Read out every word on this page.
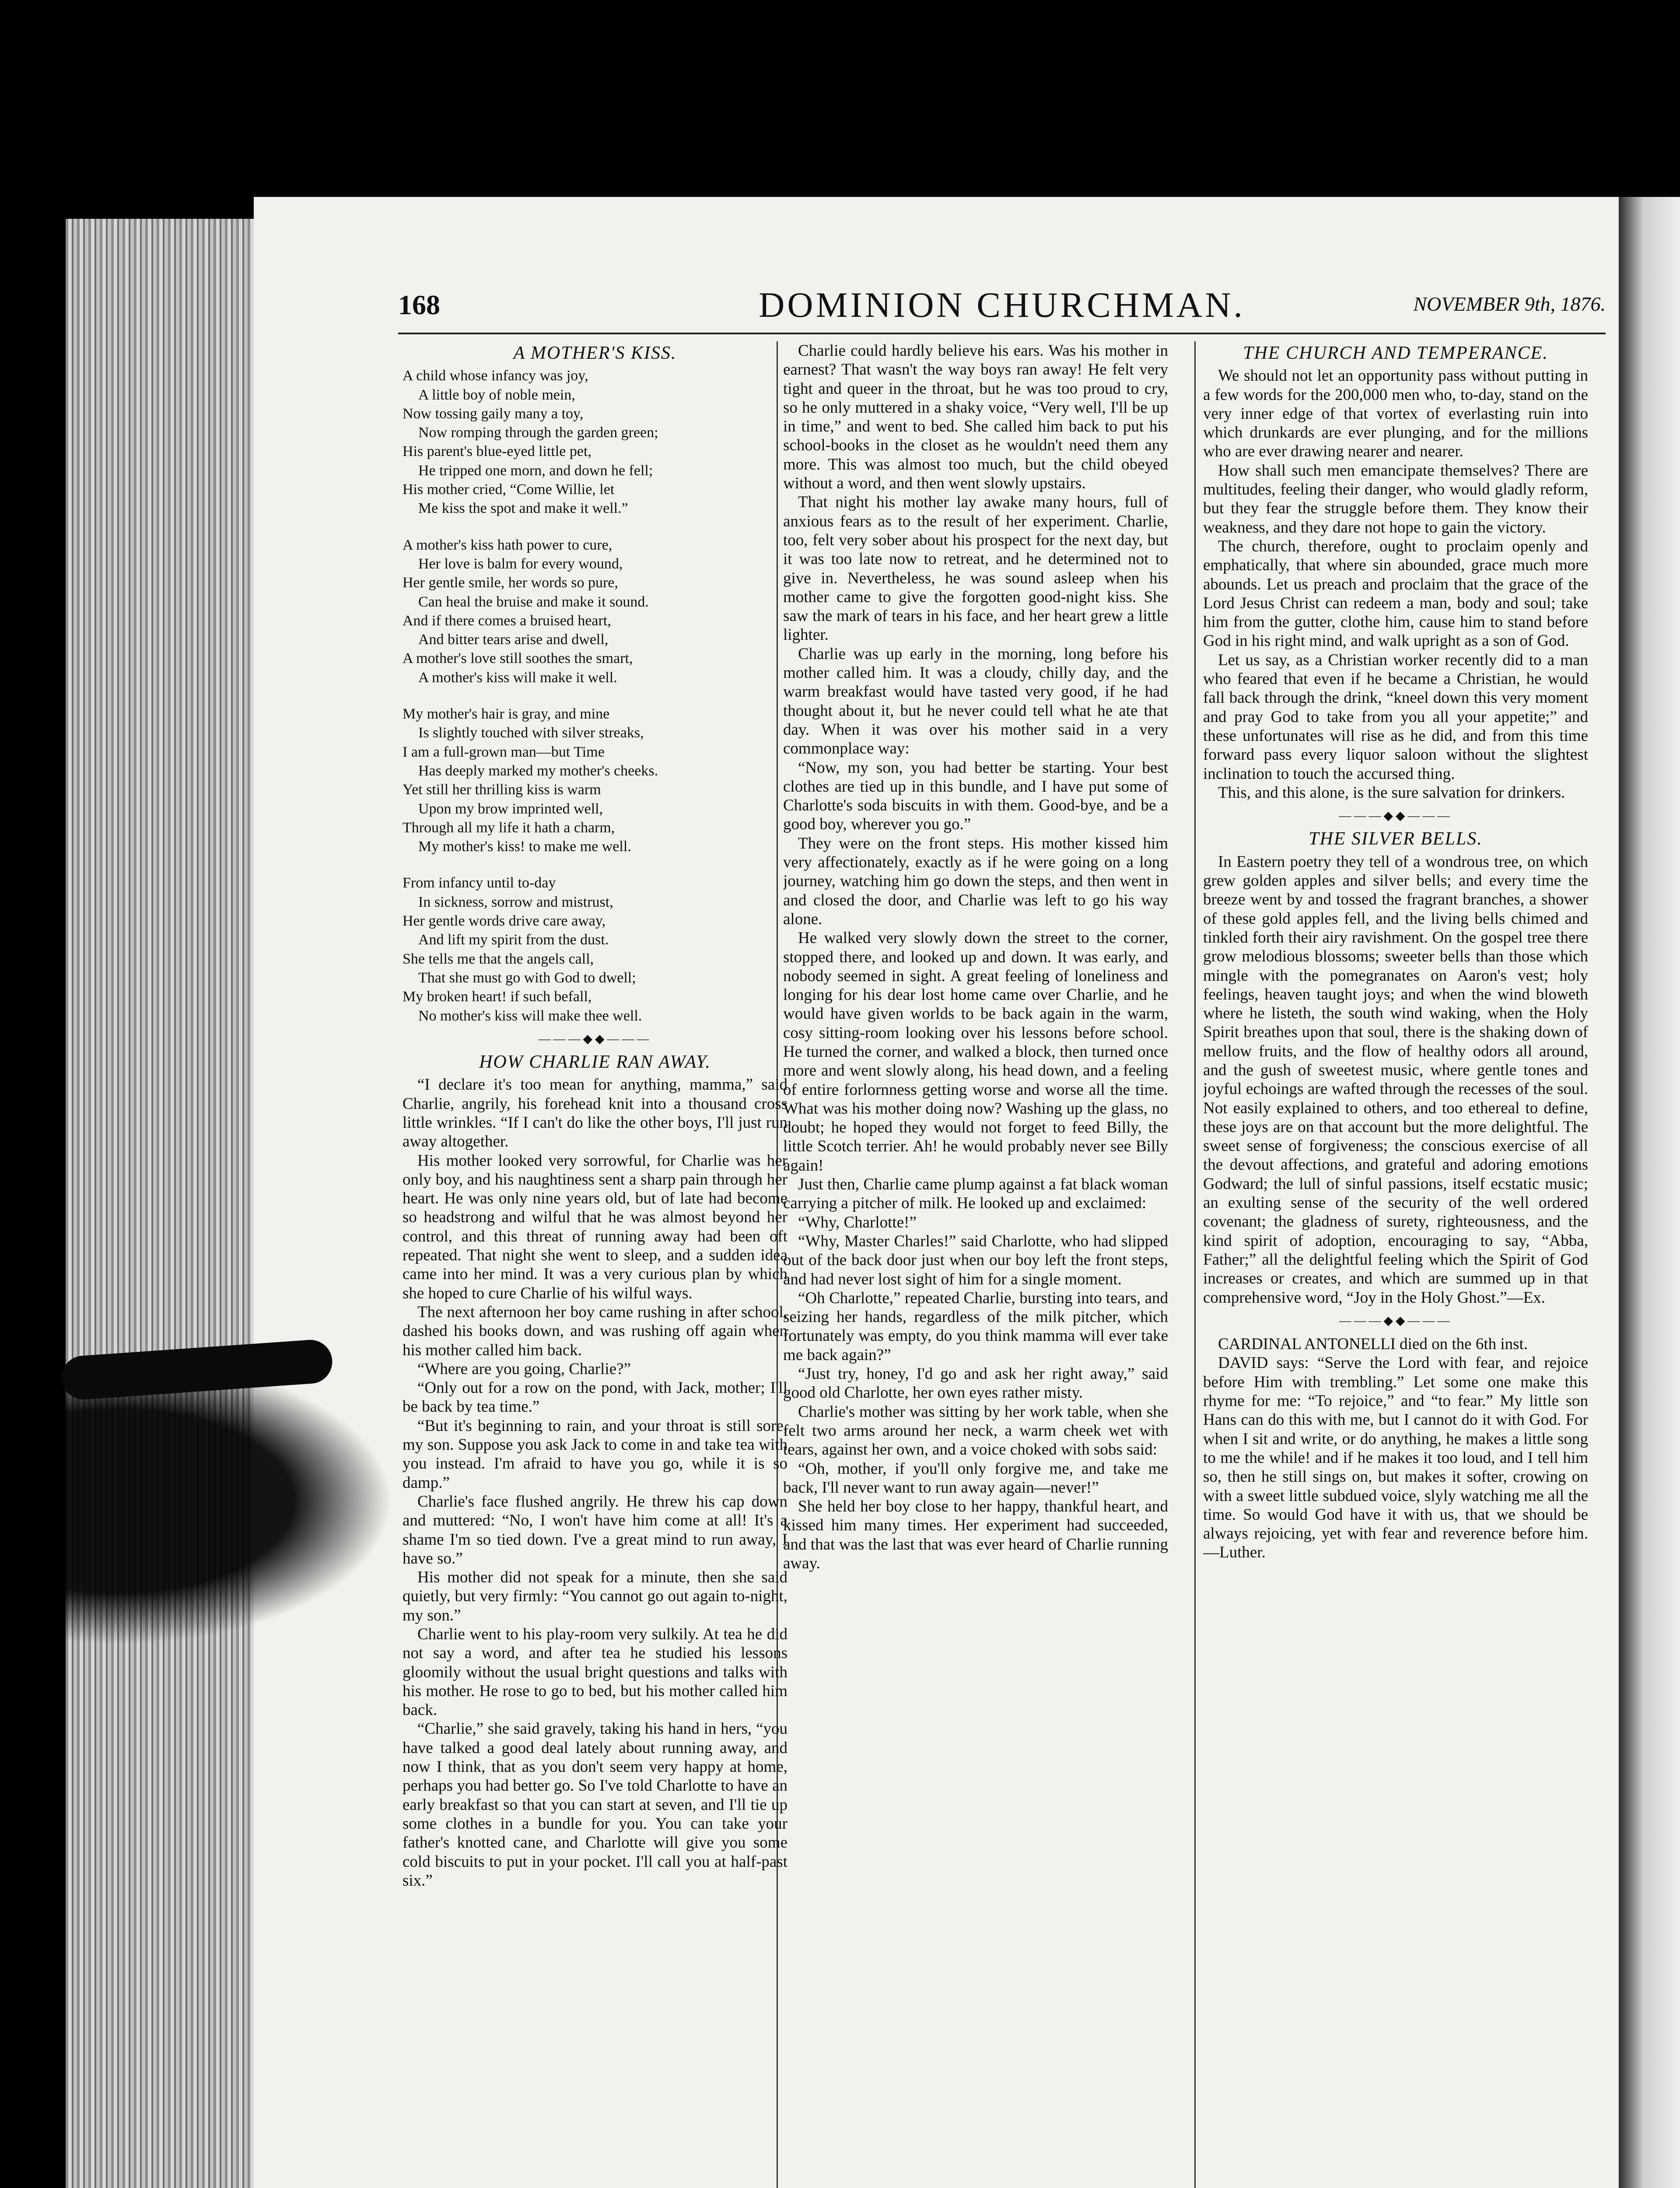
168	DOMINION CHURCHMAN.	NOVEMBER 9th, 1876.
A MOTHER'S KISS.

A child whose infancy was joy,

A little boy of noble mein,

Now tossing gaily many a toy,

Now romping through the garden green;

His parent's blue-eyed little pet,

He tripped one morn, and down he fell;

His mother cried, “Come Willie, let

Me kiss the spot and make it well.”

A mother's kiss hath power to cure,

Her love is balm for every wound,

Her gentle smile, her words so pure,

Can heal the bruise and make it sound.

And if there comes a bruised heart,

And bitter tears arise and dwell,

A mother's love still soothes the smart,

A mother's kiss will make it well.

My mother's hair is gray, and mine

Is slightly touched with silver streaks,

I am a full-grown man—but Time

Has deeply marked my mother's cheeks.

Yet still her thrilling kiss is warm

Upon my brow imprinted well,

Through all my life it hath a charm,

My mother's kiss! to make me well.

From infancy until to-day

In sickness, sorrow and mistrust,

Her gentle words drive care away,

And lift my spirit from the dust.

She tells me that the angels call,

That she must go with God to dwell;

My broken heart! if such befall,

No mother's kiss will make thee well.

———◆◆———
HOW CHARLIE RAN AWAY.

“I declare it's too mean for anything, mamma,” said Charlie, angrily, his forehead knit into a thousand cross little wrinkles. “If I can't do like the other boys, I'll just run away altogether.

His mother looked very sorrowful, for Charlie was her only boy, and his naughtiness sent a sharp pain through her heart. He was only nine years old, but of late had become so headstrong and wilful that he was almost beyond her control, and this threat of running away had been oft repeated. That night she went to sleep, and a sudden idea came into her mind. It was a very curious plan by which she hoped to cure Charlie of his wilful ways.

The next afternoon her boy came rushing in after school, dashed his books down, and was rushing off again when his mother called him back.

“Where are you going, Charlie?”

“Only out for a row on the pond, with Jack, mother; I'll be back by tea time.”

“But it's beginning to rain, and your throat is still sore, my son. Suppose you ask Jack to come in and take tea with you instead. I'm afraid to have you go, while it is so damp.”

Charlie's face flushed angrily. He threw his cap down and muttered: “No, I won't have him come at all! It's a shame I'm so tied down. I've a great mind to run away, I have so.”

His mother did not speak for a minute, then she said quietly, but very firmly: “You cannot go out again to-night, my son.”

Charlie went to his play-room very sulkily. At tea he did not say a word, and after tea he studied his lessons gloomily without the usual bright questions and talks with his mother. He rose to go to bed, but his mother called him back.

“Charlie,” she said gravely, taking his hand in hers, “you have talked a good deal lately about running away, and now I think, that as you don't seem very happy at home, perhaps you had better go. So I've told Charlotte to have an early breakfast so that you can start at seven, and I'll tie up some clothes in a bundle for you. You can take your father's knotted cane, and Charlotte will give you some cold biscuits to put in your pocket. I'll call you at half-past six.”

Charlie could hardly believe his ears. Was his mother in earnest? That wasn't the way boys ran away! He felt very tight and queer in the throat, but he was too proud to cry, so he only muttered in a shaky voice, “Very well, I'll be up in time,” and went to bed. She called him back to put his school-books in the closet as he wouldn't need them any more. This was almost too much, but the child obeyed without a word, and then went slowly upstairs.

That night his mother lay awake many hours, full of anxious fears as to the result of her experiment. Charlie, too, felt very sober about his prospect for the next day, but it was too late now to retreat, and he determined not to give in. Nevertheless, he was sound asleep when his mother came to give the forgotten good-night kiss. She saw the mark of tears in his face, and her heart grew a little lighter.

Charlie was up early in the morning, long before his mother called him. It was a cloudy, chilly day, and the warm breakfast would have tasted very good, if he had thought about it, but he never could tell what he ate that day. When it was over his mother said in a very commonplace way:

“Now, my son, you had better be starting. Your best clothes are tied up in this bundle, and I have put some of Charlotte's soda biscuits in with them. Good-bye, and be a good boy, wherever you go.”

They were on the front steps. His mother kissed him very affectionately, exactly as if he were going on a long journey, watching him go down the steps, and then went in and closed the door, and Charlie was left to go his way alone.

He walked very slowly down the street to the corner, stopped there, and looked up and down. It was early, and nobody seemed in sight. A great feeling of loneliness and longing for his dear lost home came over Charlie, and he would have given worlds to be back again in the warm, cosy sitting-room looking over his lessons before school. He turned the corner, and walked a block, then turned once more and went slowly along, his head down, and a feeling of entire forlornness getting worse and worse all the time. What was his mother doing now? Washing up the glass, no doubt; he hoped they would not forget to feed Billy, the little Scotch terrier. Ah! he would probably never see Billy again!

Just then, Charlie came plump against a fat black woman carrying a pitcher of milk. He looked up and exclaimed:

“Why, Charlotte!”

“Why, Master Charles!” said Charlotte, who had slipped out of the back door just when our boy left the front steps, and had never lost sight of him for a single moment.

“Oh Charlotte,” repeated Charlie, bursting into tears, and seizing her hands, regardless of the milk pitcher, which fortunately was empty, do you think mamma will ever take me back again?”

“Just try, honey, I'd go and ask her right away,” said good old Charlotte, her own eyes rather misty.

Charlie's mother was sitting by her work table, when she felt two arms around her neck, a warm cheek wet with tears, against her own, and a voice choked with sobs said:

“Oh, mother, if you'll only forgive me, and take me back, I'll never want to run away again—never!”

She held her boy close to her happy, thankful heart, and kissed him many times. Her experiment had succeeded, and that was the last that was ever heard of Charlie running away.

THE CHURCH AND TEMPERANCE.

We should not let an opportunity pass without putting in a few words for the 200,000 men who, to-day, stand on the very inner edge of that vortex of everlasting ruin into which drunkards are ever plunging, and for the millions who are ever drawing nearer and nearer.

How shall such men emancipate themselves? There are multitudes, feeling their danger, who would gladly reform, but they fear the struggle before them. They know their weakness, and they dare not hope to gain the victory.

The church, therefore, ought to proclaim openly and emphatically, that where sin abounded, grace much more abounds. Let us preach and proclaim that the grace of the Lord Jesus Christ can redeem a man, body and soul; take him from the gutter, clothe him, cause him to stand before God in his right mind, and walk upright as a son of God.

Let us say, as a Christian worker recently did to a man who feared that even if he became a Christian, he would fall back through the drink, “kneel down this very moment and pray God to take from you all your appetite;” and these unfortunates will rise as he did, and from this time forward pass every liquor saloon without the slightest inclination to touch the accursed thing.

This, and this alone, is the sure salvation for drinkers.

———◆◆———
THE SILVER BELLS.

In Eastern poetry they tell of a wondrous tree, on which grew golden apples and silver bells; and every time the breeze went by and tossed the fragrant branches, a shower of these gold apples fell, and the living bells chimed and tinkled forth their airy ravishment. On the gospel tree there grow melodious blossoms; sweeter bells than those which mingle with the pomegranates on Aaron's vest; holy feelings, heaven taught joys; and when the wind bloweth where he listeth, the south wind waking, when the Holy Spirit breathes upon that soul, there is the shaking down of mellow fruits, and the flow of healthy odors all around, and the gush of sweetest music, where gentle tones and joyful echoings are wafted through the recesses of the soul. Not easily explained to others, and too ethereal to define, these joys are on that account but the more delightful. The sweet sense of forgiveness; the conscious exercise of all the devout affections, and grateful and adoring emotions Godward; the lull of sinful passions, itself ecstatic music; an exulting sense of the security of the well ordered covenant; the gladness of surety, righteousness, and the kind spirit of adoption, encouraging to say, “Abba, Father;” all the delightful feeling which the Spirit of God increases or creates, and which are summed up in that comprehensive word, “Joy in the Holy Ghost.”—Ex.

———◆◆———

CARDINAL ANTONELLI died on the 6th inst.

DAVID says: “Serve the Lord with fear, and rejoice before Him with trembling.” Let some one make this rhyme for me: “To rejoice,” and “to fear.” My little son Hans can do this with me, but I cannot do it with God. For when I sit and write, or do anything, he makes a little song to me the while! and if he makes it too loud, and I tell him so, then he still sings on, but makes it softer, crowing on with a sweet little subdued voice, slyly watching me all the time. So would God have it with us, that we should be always rejoicing, yet with fear and reverence before him.—Luther.
